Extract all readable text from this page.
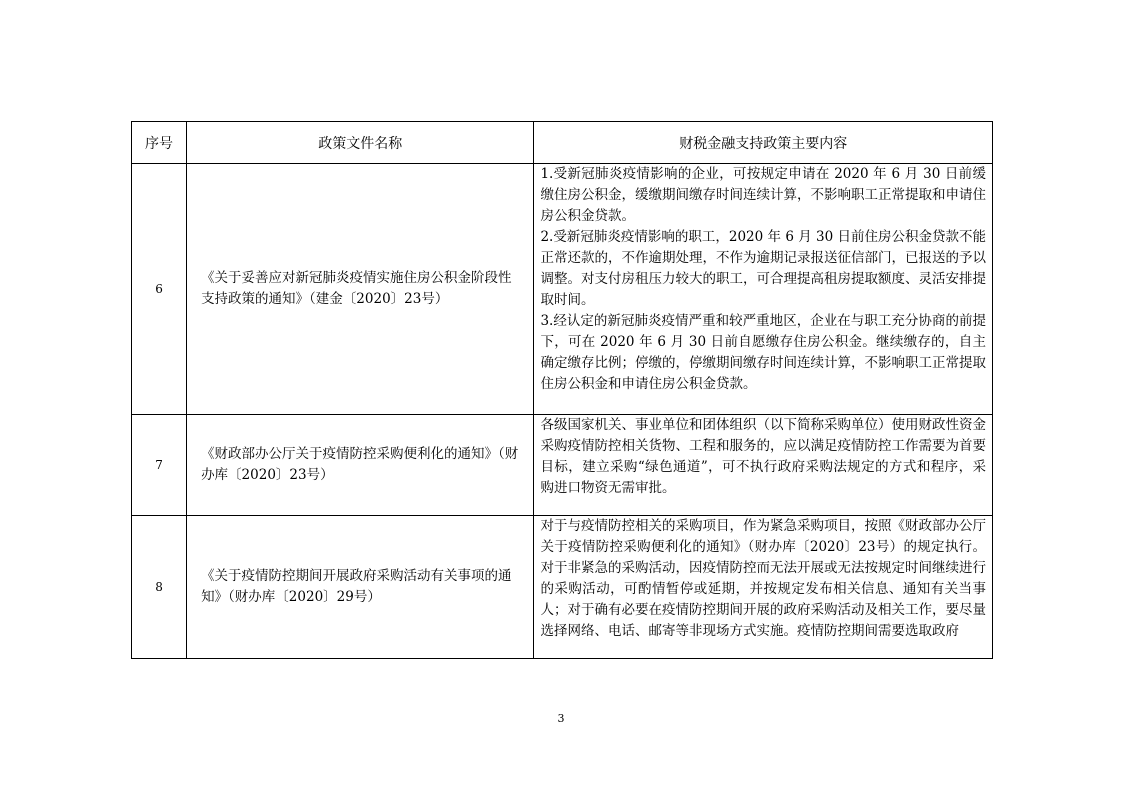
序号	政策文件名称	财税金融支持政策主要内容
6	《关于妥善应对新冠肺炎疫情实施住房公积金阶段性支持政策的通知》（建金〔2020〕23号）	1.受新冠肺炎疫情影响的企业，可按规定申请在 2020 年 6 月 30 日前缓缴住房公积金，缓缴期间缴存时间连续计算，不影响职工正常提取和申请住房公积金贷款。

2.受新冠肺炎疫情影响的职工，2020 年 6 月 30 日前住房公积金贷款不能正常还款的，不作逾期处理，不作为逾期记录报送征信部门，已报送的予以调整。对支付房租压力较大的职工，可合理提高租房提取额度、灵活安排提取时间。

3.经认定的新冠肺炎疫情严重和较严重地区，企业在与职工充分协商的前提下，可在 2020 年 6 月 30 日前自愿缴存住房公积金。继续缴存的，自主确定缴存比例；停缴的，停缴期间缴存时间连续计算，不影响职工正常提取住房公积金和申请住房公积金贷款。

7	《财政部办公厅关于疫情防控采购便利化的通知》（财办库〔2020〕23号）	各级国家机关、事业单位和团体组织（以下简称采购单位）使用财政性资金采购疫情防控相关货物、工程和服务的，应以满足疫情防控工作需要为首要目标，建立采购“绿色通道”，可不执行政府采购法规定的方式和程序，采购进口物资无需审批。

8	《关于疫情防控期间开展政府采购活动有关事项的通知》（财办库〔2020〕29号）	对于与疫情防控相关的采购项目，作为紧急采购项目，按照《财政部办公厅关于疫情防控采购便利化的通知》（财办库〔2020〕23号）的规定执行。对于非紧急的采购活动，因疫情防控而无法开展或无法按规定时间继续进行的采购活动，可酌情暂停或延期，并按规定发布相关信息、通知有关当事人；对于确有必要在疫情防控期间开展的政府采购活动及相关工作，要尽量选择网络、电话、邮寄等非现场方式实施。疫情防控期间需要选取政府

3
